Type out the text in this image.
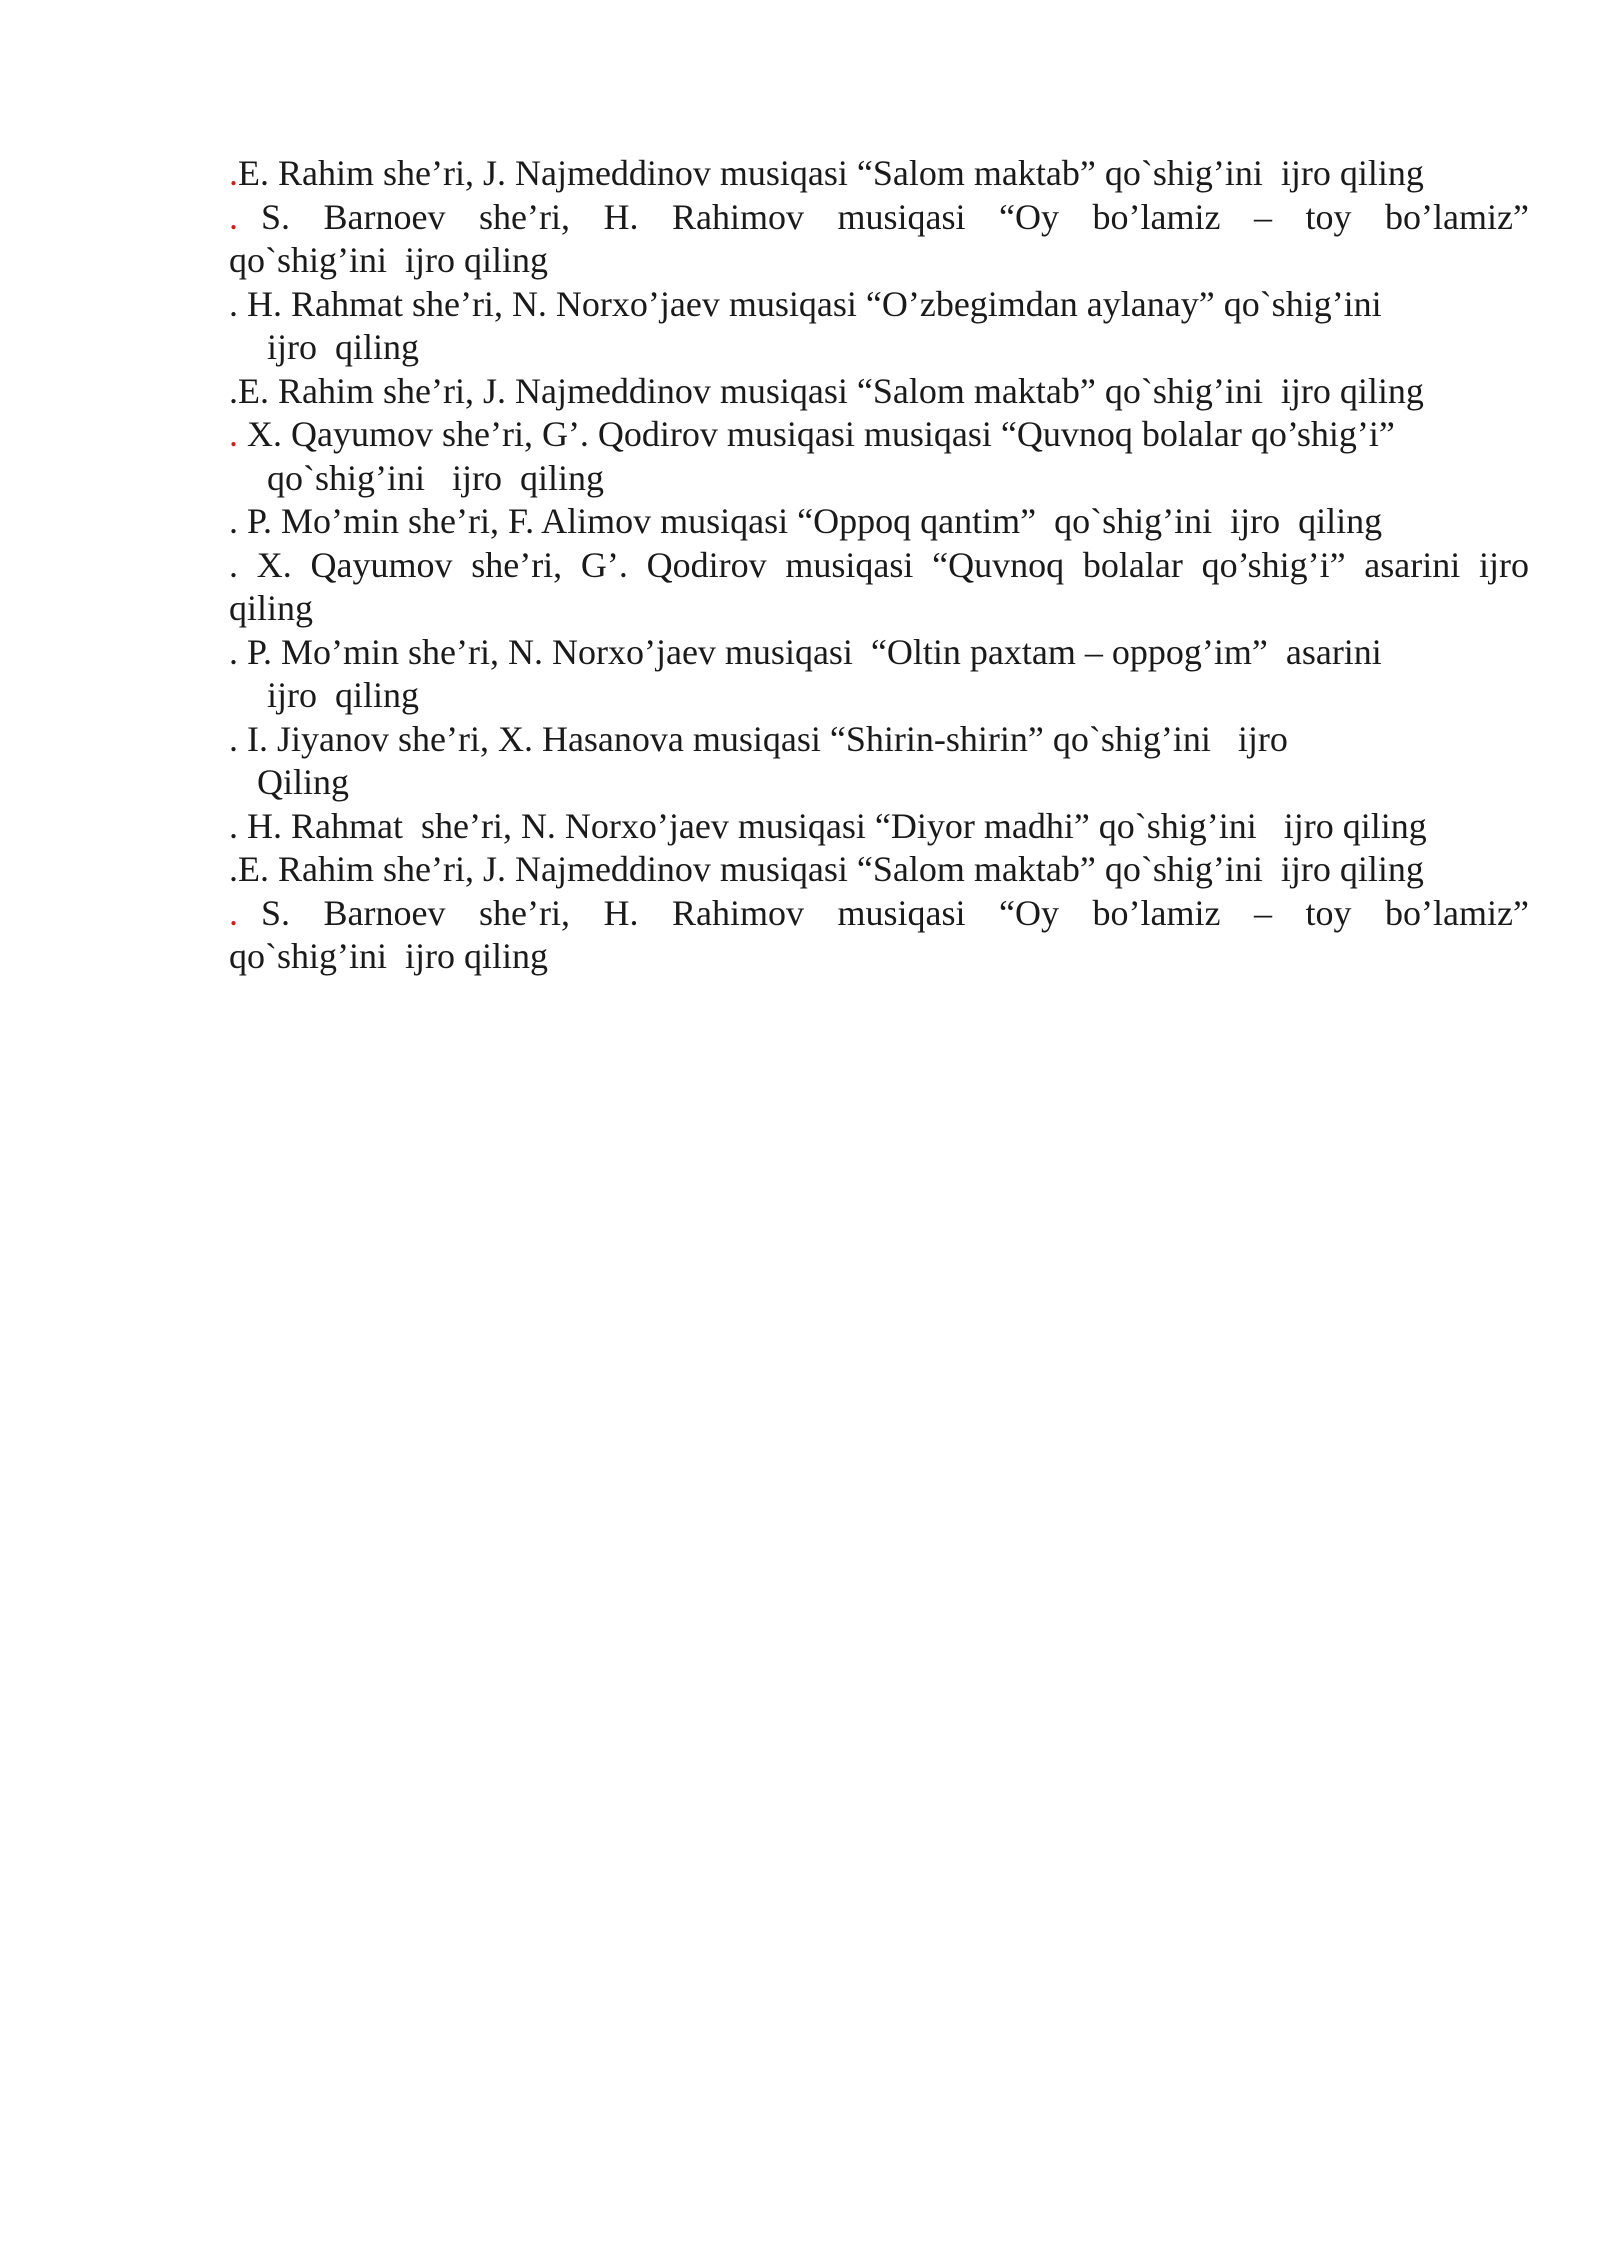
.E. Rahim she’ri, J. Najmeddinov musiqasi “Salom maktab” qo`shig’ini  ijro qiling
. S. Barnoev she’ri, H. Rahimov musiqasi “Oy bo’lamiz – toy bo’lamiz”
qo`shig’ini  ijro qiling
. H. Rahmat she’ri, N. Norxo’jaev musiqasi “O’zbegimdan aylanay” qo`shig’ini
ijro  qiling
.E. Rahim she’ri, J. Najmeddinov musiqasi “Salom maktab” qo`shig’ini  ijro qiling
. X. Qayumov she’ri, G’. Qodirov musiqasi musiqasi “Quvnoq bolalar qo’shig’i”
qo`shig’ini   ijro  qiling
. P. Mo’min she’ri, F. Alimov musiqasi “Oppoq qantim”  qo`shig’ini  ijro  qiling
. X. Qayumov she’ri, G’. Qodirov musiqasi “Quvnoq bolalar qo’shig’i” asarini ijro
qiling
. P. Mo’min she’ri, N. Norxo’jaev musiqasi  “Oltin paxtam – oppog’im”  asarini
ijro  qiling
. I. Jiyanov she’ri, X. Hasanova musiqasi “Shirin-shirin” qo`shig’ini   ijro
Qiling
. H. Rahmat  she’ri, N. Norxo’jaev musiqasi “Diyor madhi” qo`shig’ini   ijro qiling
.E. Rahim she’ri, J. Najmeddinov musiqasi “Salom maktab” qo`shig’ini  ijro qiling
. S. Barnoev she’ri, H. Rahimov musiqasi “Oy bo’lamiz – toy bo’lamiz”
qo`shig’ini  ijro qiling
